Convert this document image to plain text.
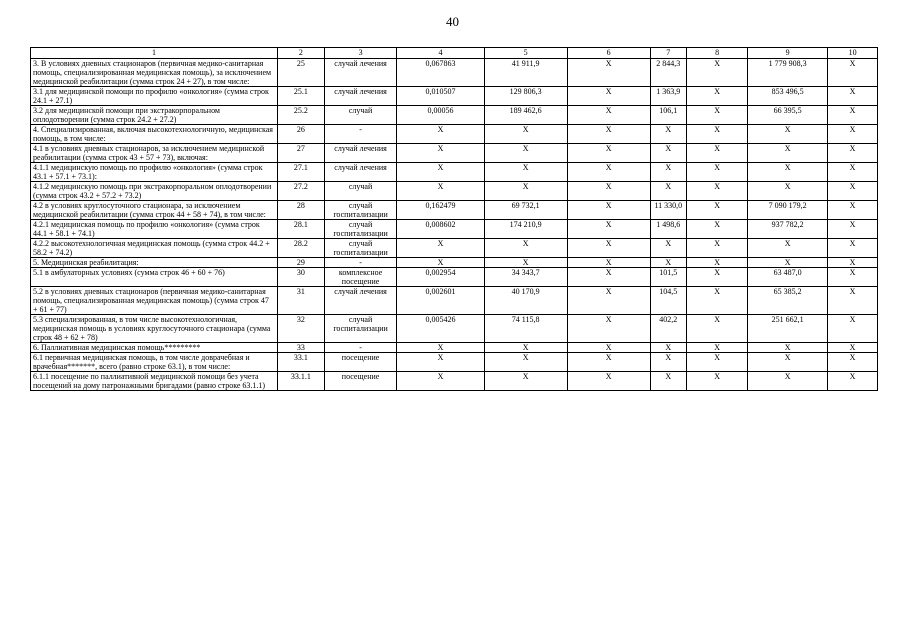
40
1	2	3	4	5	6	7	8	9	10
3. В условиях дневных стационаров (первичная медико-санитарная помощь, специализированная медицинская помощь), за исключением медицинской реабилитации (сумма строк 24 + 27), в том числе:	25	случай лечения	0,067863	41 911,9	X	2 844,3	X	1 779 908,3	X
3.1 для медицинской помощи по профилю «онкология» (сумма строк 24.1 + 27.1)	25.1	случай лечения	0,010507	129 806,3	X	1 363,9	X	853 496,5	X
3.2 для медицинской помощи при экстракорпоральном оплодотворении (сумма строк 24.2 + 27.2)	25.2	случай	0,00056	189 462,6	X	106,1	X	66 395,5	X
4. Специализированная, включая высокотехнологичную, медицинская помощь, в том числе:	26	-	X	X	X	X	X	X	X
4.1 в условиях дневных стационаров, за исключением медицинской реабилитации (сумма строк 43 + 57 + 73), включая:	27	случай лечения	X	X	X	X	X	X	X
4.1.1 медицинскую помощь по профилю «онкология» (сумма строк 43.1 + 57.1 + 73.1):	27.1	случай лечения	X	X	X	X	X	X	X
4.1.2 медицинскую помощь при экстракорпоральном оплодотворении (сумма строк 43.2 + 57.2 + 73.2)	27.2	случай	X	X	X	X	X	X	X
4.2 в условиях круглосуточного стационара, за исключением медицинской реабилитации (сумма строк 44 + 58 + 74), в том числе:	28	случай госпитализации	0,162479	69 732,1	X	11 330,0	X	7 090 179,2	X
4.2.1 медицинская помощь по профилю «онкология» (сумма строк 44.1 + 58.1 + 74.1)	28.1	случай госпитализации	0,008602	174 210,9	X	1 498,6	X	937 782,2	X
4.2.2 высокотехнологичная медицинская помощь (сумма строк 44.2 + 58.2 + 74.2)	28.2	случай госпитализации	X	X	X	X	X	X	X
5. Медицинская реабилитация:	29	-	X	X	X	X	X	X	X
5.1 в амбулаторных условиях (сумма строк 46 + 60 + 76)	30	комплексное посещение	0,002954	34 343,7	X	101,5	X	63 487,0	X
5.2 в условиях дневных стационаров (первичная медико-санитарная помощь, специализированная медицинская помощь) (сумма строк 47 + 61 + 77)	31	случай лечения	0,002601	40 170,9	X	104,5	X	65 385,2	X
5.3 специализированная, в том числе высокотехнологичная, медицинская помощь в условиях круглосуточного стационара (сумма строк 48 + 62 + 78)	32	случай госпитализации	0,005426	74 115,8	X	402,2	X	251 662,1	X
6. Паллиативная медицинская помощь*********	33	-	X	X	X	X	X	X	X
6.1 первичная медицинская помощь, в том числе доврачебная и врачебная*******, всего (равно строке 63.1), в том числе:	33.1	посещение	X	X	X	X	X	X	X
6.1.1 посещение по паллиативной медицинской помощи без учета посещений на дому патронажными бригадами (равно строке 63.1.1)	33.1.1	посещение	X	X	X	X	X	X	X
